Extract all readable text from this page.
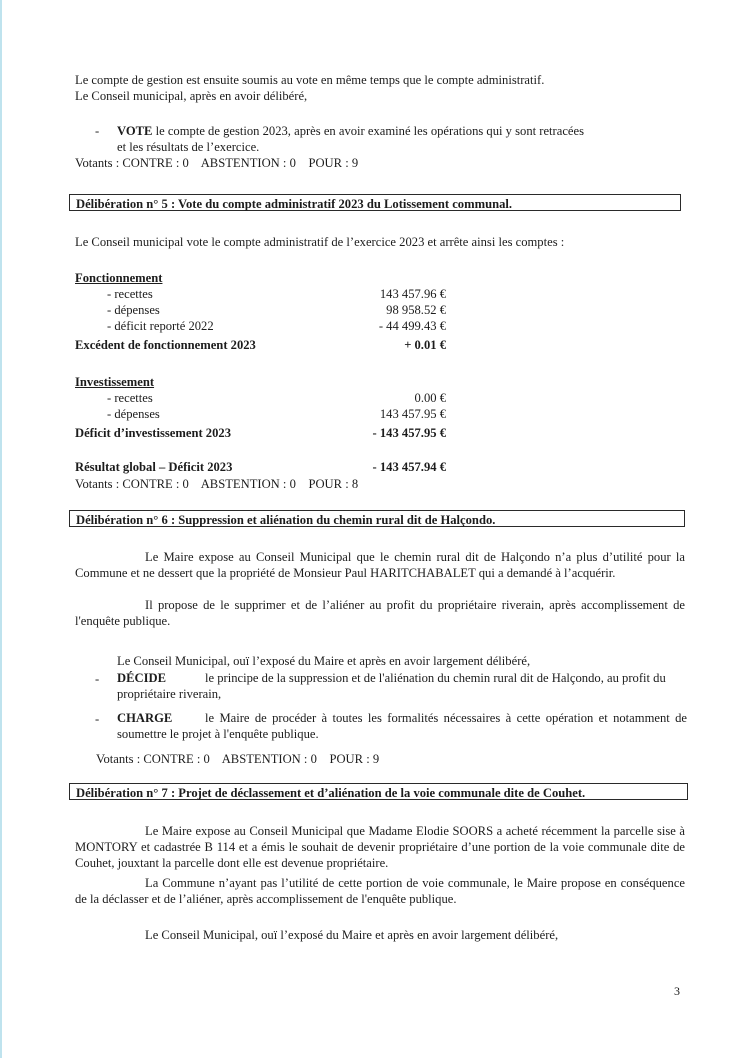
Le compte de gestion est ensuite soumis au vote en même temps que le compte administratif.
Le Conseil municipal, après en avoir délibéré,
- VOTE le compte de gestion 2023, après en avoir examiné les opérations qui y sont retracées
et les résultats de l’exercice.
Votants : CONTRE : 0    ABSTENTION : 0    POUR : 9
Délibération n° 5 : Vote du compte administratif 2023 du Lotissement communal.
Le Conseil municipal vote le compte administratif de l’exercice 2023 et arrête ainsi les comptes :
Fonctionnement
- recettes	143 457.96 €
- dépenses	98 958.52 €
- déficit reporté 2022	- 44 499.43 €
Excédent de fonctionnement 2023	+ 0.01 €
Investissement
- recettes	0.00 €
- dépenses	143 457.95 €
Déficit d’investissement 2023	- 143 457.95 €
Résultat global – Déficit 2023	- 143 457.94 €
Votants : CONTRE : 0    ABSTENTION : 0    POUR : 8
Délibération n° 6 : Suppression et aliénation du chemin rural dit de Halçondo.
Le Maire expose au Conseil Municipal que le chemin rural dit de Halçondo n’a plus d’utilité pour la Commune et ne dessert que la propriété de Monsieur Paul HARITCHABALET qui a demandé à l’acquérir.
Il propose de le supprimer et de l’aliéner au profit du propriétaire riverain, après accomplissement de l'enquête publique.
Le Conseil Municipal, ouï l’exposé du Maire et après en avoir largement délibéré,
- DÉCIDE	le principe de la suppression et de l'aliénation du chemin rural dit de Halçondo, au profit du propriétaire riverain,
- CHARGE	le Maire de procéder à toutes les formalités nécessaires à cette opération et notamment de soumettre le projet à l'enquête publique.
Votants : CONTRE : 0    ABSTENTION : 0    POUR : 9
Délibération n° 7 : Projet de déclassement et d’aliénation de la voie communale dite de Couhet.
Le Maire expose au Conseil Municipal que Madame Elodie SOORS a acheté récemment la parcelle sise à MONTORY et cadastrée B 114 et a émis le souhait de devenir propriétaire d’une portion de la voie communale dite de Couhet, jouxtant la parcelle dont elle est devenue propriétaire.
La Commune n’ayant pas l’utilité de cette portion de voie communale, le Maire propose en conséquence de la déclasser et de l’aliéner, après accomplissement de l'enquête publique.
Le Conseil Municipal, ouï l’exposé du Maire et après en avoir largement délibéré,
3
